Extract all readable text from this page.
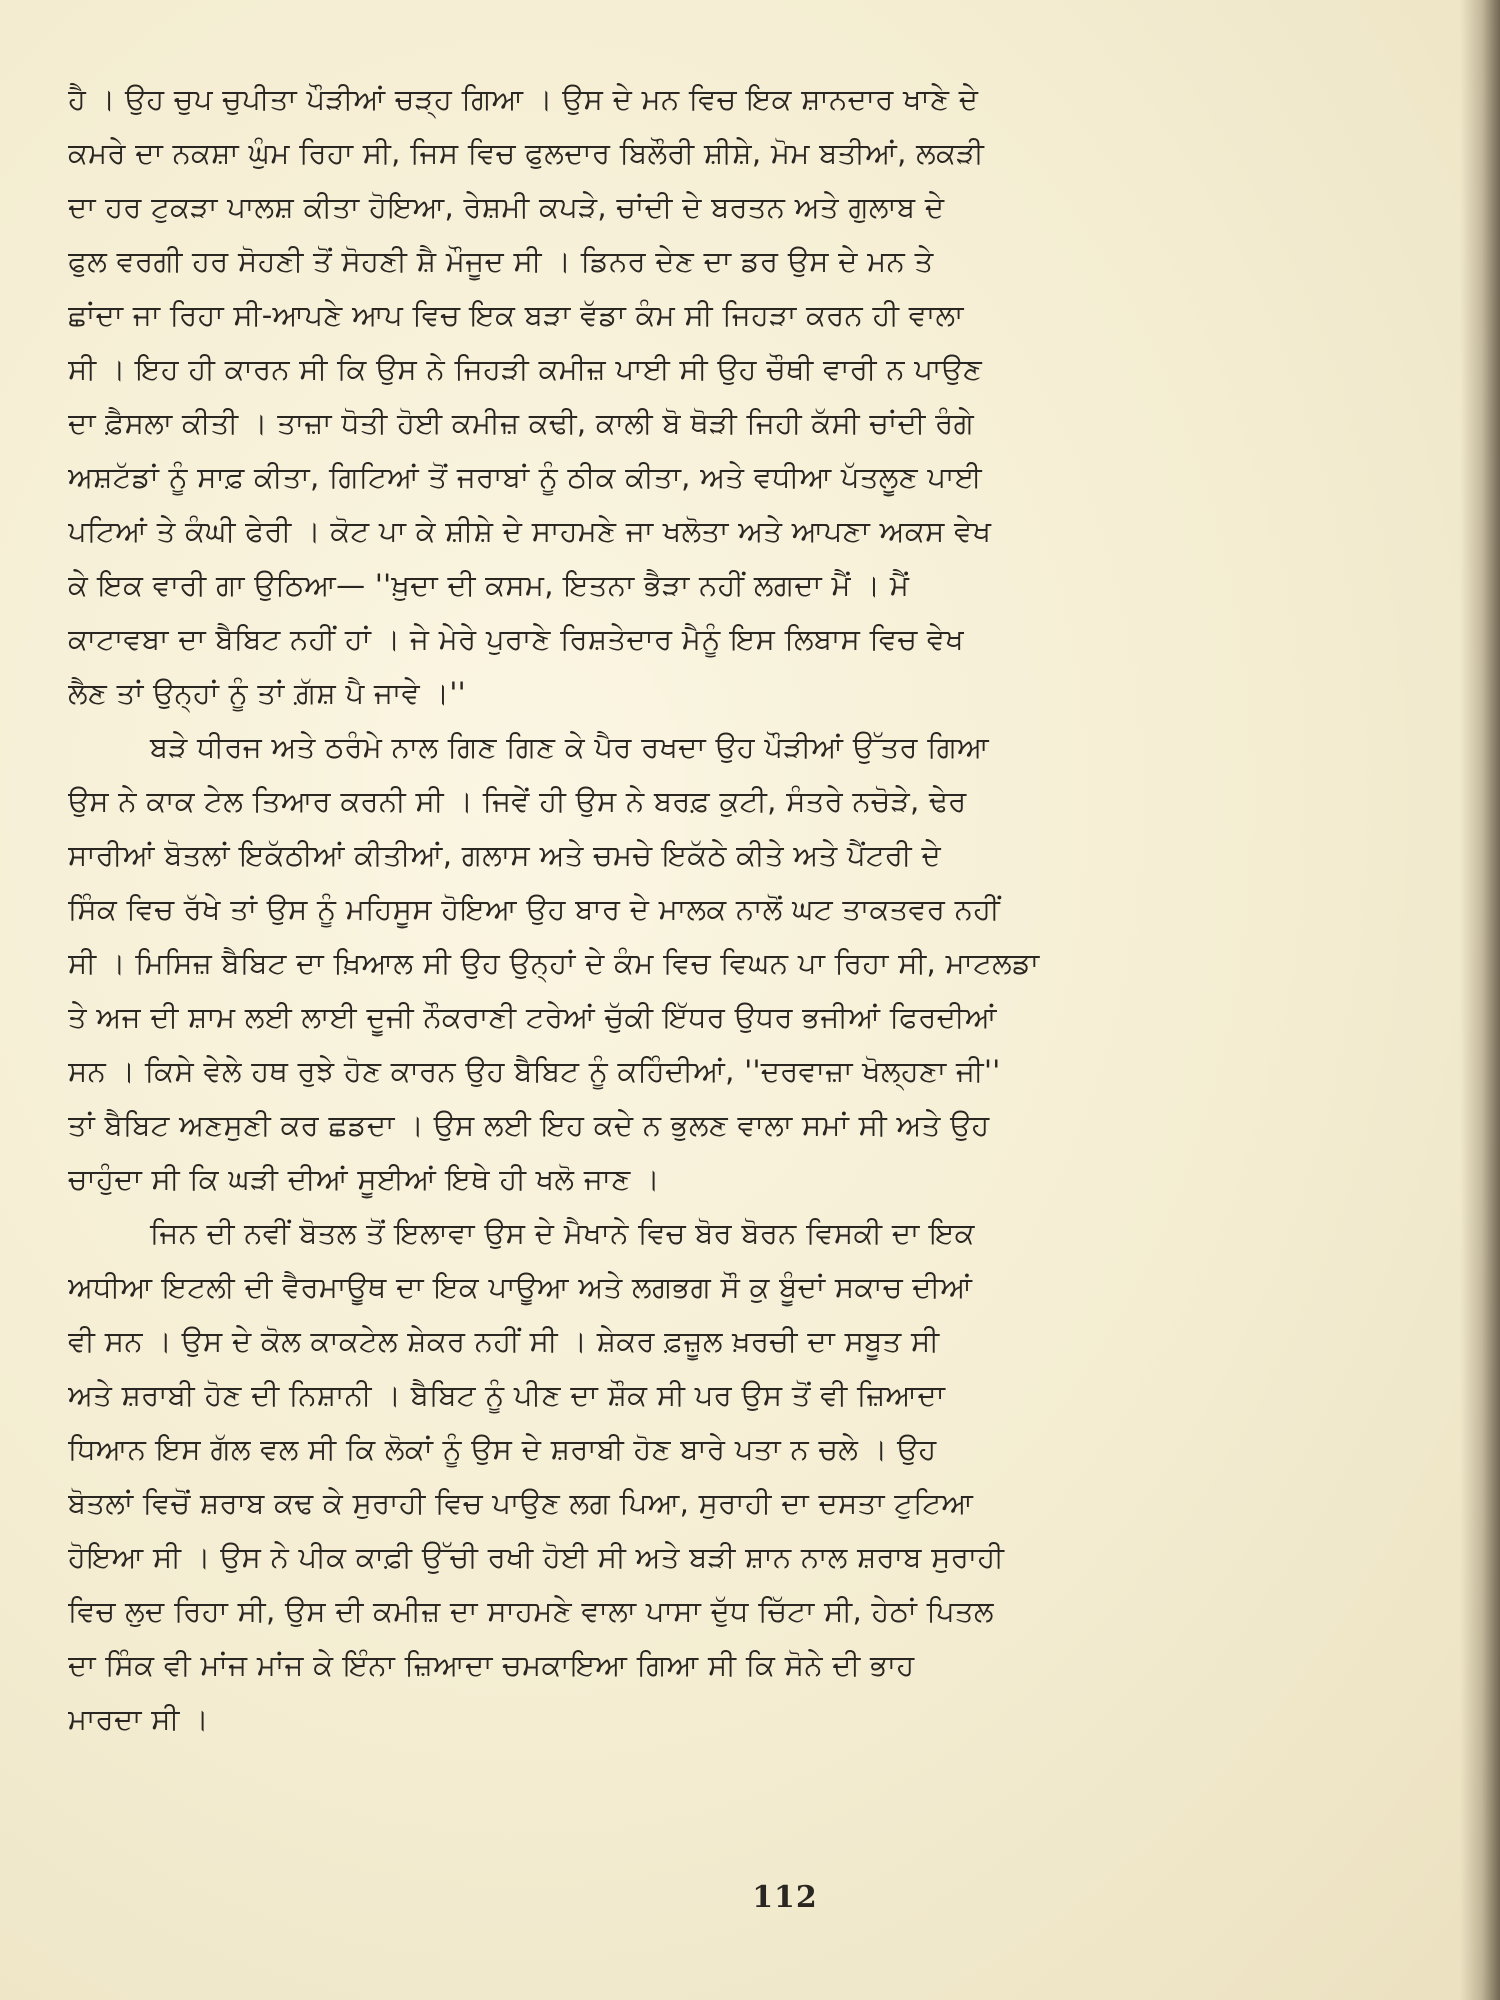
ਹੈ । ਉਹ ਚੁਪ ਚੁਪੀਤਾ ਪੌੜੀਆਂ ਚੜ੍ਹ ਗਿਆ । ਉਸ ਦੇ ਮਨ ਵਿਚ ਇਕ ਸ਼ਾਨਦਾਰ ਖਾਣੇ ਦੇ
ਕਮਰੇ ਦਾ ਨਕਸ਼ਾ ਘੁੰਮ ਰਿਹਾ ਸੀ, ਜਿਸ ਵਿਚ ਫੁਲਦਾਰ ਬਿਲੌਰੀ ਸ਼ੀਸ਼ੇ, ਮੋਮ ਬਤੀਆਂ, ਲਕੜੀ
ਦਾ ਹਰ ਟੁਕੜਾ ਪਾਲਸ਼ ਕੀਤਾ ਹੋਇਆ, ਰੇਸ਼ਮੀ ਕਪੜੇ, ਚਾਂਦੀ ਦੇ ਬਰਤਨ ਅਤੇ ਗੁਲਾਬ ਦੇ
ਫੁਲ ਵਰਗੀ ਹਰ ਸੋਹਣੀ ਤੋਂ ਸੋਹਣੀ ਸ਼ੈ ਮੌਜੂਦ ਸੀ । ਡਿਨਰ ਦੇਣ ਦਾ ਡਰ ਉਸ ਦੇ ਮਨ ਤੇ
ਛਾਂਦਾ ਜਾ ਰਿਹਾ ਸੀ-ਆਪਣੇ ਆਪ ਵਿਚ ਇਕ ਬੜਾ ਵੱਡਾ ਕੰਮ ਸੀ ਜਿਹੜਾ ਕਰਨ ਹੀ ਵਾਲਾ
ਸੀ । ਇਹ ਹੀ ਕਾਰਨ ਸੀ ਕਿ ਉਸ ਨੇ ਜਿਹੜੀ ਕਮੀਜ਼ ਪਾਈ ਸੀ ਉਹ ਚੌਥੀ ਵਾਰੀ ਨ ਪਾਉਣ
ਦਾ ਫ਼ੈਸਲਾ ਕੀਤੀ । ਤਾਜ਼ਾ ਧੋਤੀ ਹੋਈ ਕਮੀਜ਼ ਕਢੀ, ਕਾਲੀ ਬੋ ਥੋੜੀ ਜਿਹੀ ਕੱਸੀ ਚਾਂਦੀ ਰੰਗੇ
ਅਸ਼ਟੱਡਾਂ ਨੂੰ ਸਾਫ਼ ਕੀਤਾ, ਗਿਟਿਆਂ ਤੋਂ ਜਰਾਬਾਂ ਨੂੰ ਠੀਕ ਕੀਤਾ, ਅਤੇ ਵਧੀਆ ਪੱਤਲੂਣ ਪਾਈ
ਪਟਿਆਂ ਤੇ ਕੰਘੀ ਫੇਰੀ । ਕੋਟ ਪਾ ਕੇ ਸ਼ੀਸ਼ੇ ਦੇ ਸਾਹਮਣੇ ਜਾ ਖਲੋਤਾ ਅਤੇ ਆਪਣਾ ਅਕਸ ਵੇਖ
ਕੇ ਇਕ ਵਾਰੀ ਗਾ ਉਠਿਆ— ''ਖ਼ੁਦਾ ਦੀ ਕਸਮ, ਇਤਨਾ ਭੈੜਾ ਨਹੀਂ ਲਗਦਾ ਮੈਂ । ਮੈਂ
ਕਾਟਾਵਬਾ ਦਾ ਬੈਬਿਟ ਨਹੀਂ ਹਾਂ । ਜੇ ਮੇਰੇ ਪੁਰਾਣੇ ਰਿਸ਼ਤੇਦਾਰ ਮੈਨੂੰ ਇਸ ਲਿਬਾਸ ਵਿਚ ਵੇਖ
ਲੈਣ ਤਾਂ ਉਨ੍ਹਾਂ ਨੂੰ ਤਾਂ ਗ਼ੱਸ਼ ਪੈ ਜਾਵੇ ।''
ਬੜੇ ਧੀਰਜ ਅਤੇ ਠਰੰਮੇ ਨਾਲ ਗਿਣ ਗਿਣ ਕੇ ਪੈਰ ਰਖਦਾ ਉਹ ਪੌੜੀਆਂ ਉੱਤਰ ਗਿਆ
ਉਸ ਨੇ ਕਾਕ ਟੇਲ ਤਿਆਰ ਕਰਨੀ ਸੀ । ਜਿਵੇਂ ਹੀ ਉਸ ਨੇ ਬਰਫ਼ ਕੁਟੀ, ਸੰਤਰੇ ਨਚੋੜੇ, ਢੇਰ
ਸਾਰੀਆਂ ਬੋਤਲਾਂ ਇਕੱਠੀਆਂ ਕੀਤੀਆਂ, ਗਲਾਸ ਅਤੇ ਚਮਚੇ ਇਕੱਠੇ ਕੀਤੇ ਅਤੇ ਪੈਂਟਰੀ ਦੇ
ਸਿੰਕ ਵਿਚ ਰੱਖੇ ਤਾਂ ਉਸ ਨੂੰ ਮਹਿਸੂਸ ਹੋਇਆ ਉਹ ਬਾਰ ਦੇ ਮਾਲਕ ਨਾਲੋਂ ਘਟ ਤਾਕਤਵਰ ਨਹੀਂ
ਸੀ । ਮਿਸਿਜ਼ ਬੈਬਿਟ ਦਾ ਖ਼ਿਆਲ ਸੀ ਉਹ ਉਨ੍ਹਾਂ ਦੇ ਕੰਮ ਵਿਚ ਵਿਘਨ ਪਾ ਰਿਹਾ ਸੀ, ਮਾਟਲਡਾ
ਤੇ ਅਜ ਦੀ ਸ਼ਾਮ ਲਈ ਲਾਈ ਦੂਜੀ ਨੌਕਰਾਣੀ ਟਰੇਆਂ ਚੁੱਕੀ ਇੱਧਰ ਉਧਰ ਭਜੀਆਂ ਫਿਰਦੀਆਂ
ਸਨ । ਕਿਸੇ ਵੇਲੇ ਹਥ ਰੁਝੇ ਹੋਣ ਕਾਰਨ ਉਹ ਬੈਬਿਟ ਨੂੰ ਕਹਿੰਦੀਆਂ, ''ਦਰਵਾਜ਼ਾ ਖੋਲ੍ਹਣਾ ਜੀ''
ਤਾਂ ਬੈਬਿਟ ਅਣਸੁਣੀ ਕਰ ਛਡਦਾ । ਉਸ ਲਈ ਇਹ ਕਦੇ ਨ ਭੁਲਣ ਵਾਲਾ ਸਮਾਂ ਸੀ ਅਤੇ ਉਹ
ਚਾਹੁੰਦਾ ਸੀ ਕਿ ਘੜੀ ਦੀਆਂ ਸੂਈਆਂ ਇਥੇ ਹੀ ਖਲੋ ਜਾਣ ।
ਜਿਨ ਦੀ ਨਵੀਂ ਬੋਤਲ ਤੋਂ ਇਲਾਵਾ ਉਸ ਦੇ ਮੈਖਾਨੇ ਵਿਚ ਬੋਰ ਬੋਰਨ ਵਿਸਕੀ ਦਾ ਇਕ
ਅਧੀਆ ਇਟਲੀ ਦੀ ਵੈਰਮਾਊਥ ਦਾ ਇਕ ਪਾਊਆ ਅਤੇ ਲਗਭਗ ਸੌ ਕੁ ਬੂੰਦਾਂ ਸਕਾਚ ਦੀਆਂ
ਵੀ ਸਨ । ਉਸ ਦੇ ਕੋਲ ਕਾਕਟੇਲ ਸ਼ੇਕਰ ਨਹੀਂ ਸੀ । ਸ਼ੇਕਰ ਫ਼ਜ਼ੂਲ ਖ਼ਰਚੀ ਦਾ ਸਬੂਤ ਸੀ
ਅਤੇ ਸ਼ਰਾਬੀ ਹੋਣ ਦੀ ਨਿਸ਼ਾਨੀ । ਬੈਬਿਟ ਨੂੰ ਪੀਣ ਦਾ ਸ਼ੌਕ ਸੀ ਪਰ ਉਸ ਤੋਂ ਵੀ ਜ਼ਿਆਦਾ
ਧਿਆਨ ਇਸ ਗੱਲ ਵਲ ਸੀ ਕਿ ਲੋਕਾਂ ਨੂੰ ਉਸ ਦੇ ਸ਼ਰਾਬੀ ਹੋਣ ਬਾਰੇ ਪਤਾ ਨ ਚਲੇ । ਉਹ
ਬੋਤਲਾਂ ਵਿਚੋਂ ਸ਼ਰਾਬ ਕਢ ਕੇ ਸੁਰਾਹੀ ਵਿਚ ਪਾਉਣ ਲਗ ਪਿਆ, ਸੁਰਾਹੀ ਦਾ ਦਸਤਾ ਟੁਟਿਆ
ਹੋਇਆ ਸੀ । ਉਸ ਨੇ ਪੀਕ ਕਾਫ਼ੀ ਉੱਚੀ ਰਖੀ ਹੋਈ ਸੀ ਅਤੇ ਬੜੀ ਸ਼ਾਨ ਨਾਲ ਸ਼ਰਾਬ ਸੁਰਾਹੀ
ਵਿਚ ਲੁਦ ਰਿਹਾ ਸੀ, ਉਸ ਦੀ ਕਮੀਜ਼ ਦਾ ਸਾਹਮਣੇ ਵਾਲਾ ਪਾਸਾ ਦੁੱਧ ਚਿੱਟਾ ਸੀ, ਹੇਠਾਂ ਪਿਤਲ
ਦਾ ਸਿੰਕ ਵੀ ਮਾਂਜ ਮਾਂਜ ਕੇ ਇੰਨਾ ਜ਼ਿਆਦਾ ਚਮਕਾਇਆ ਗਿਆ ਸੀ ਕਿ ਸੋਨੇ ਦੀ ਭਾਹ
ਮਾਰਦਾ ਸੀ ।
112
